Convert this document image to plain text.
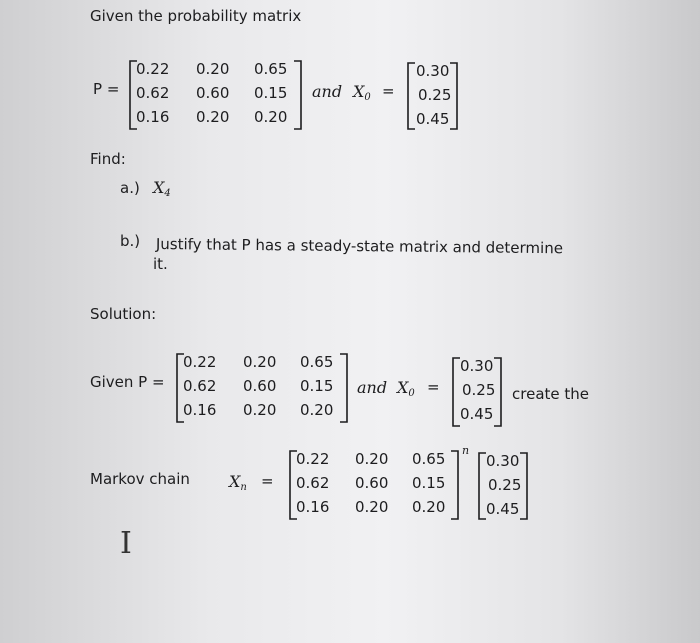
Given the probability matrix
P =
0.22 0.20 0.65
0.62 0.60 0.15
0.16 0.20 0.20
and $X_0$ =
0.30
0.25
0.45
Find:
a.) $X_4$
b.) Justify that P has a steady-state matrix and determine
it.
Solution:
Given P =
0.22 0.20 0.65
0.62 0.60 0.15
0.16 0.20 0.20
and $X_0$ =
0.30
0.25
0.45
create the
Markov chain $X_n$ =
0.22 0.20 0.65
0.62 0.60 0.15
0.16 0.20 0.20
n
0.30
0.25
0.45
I
